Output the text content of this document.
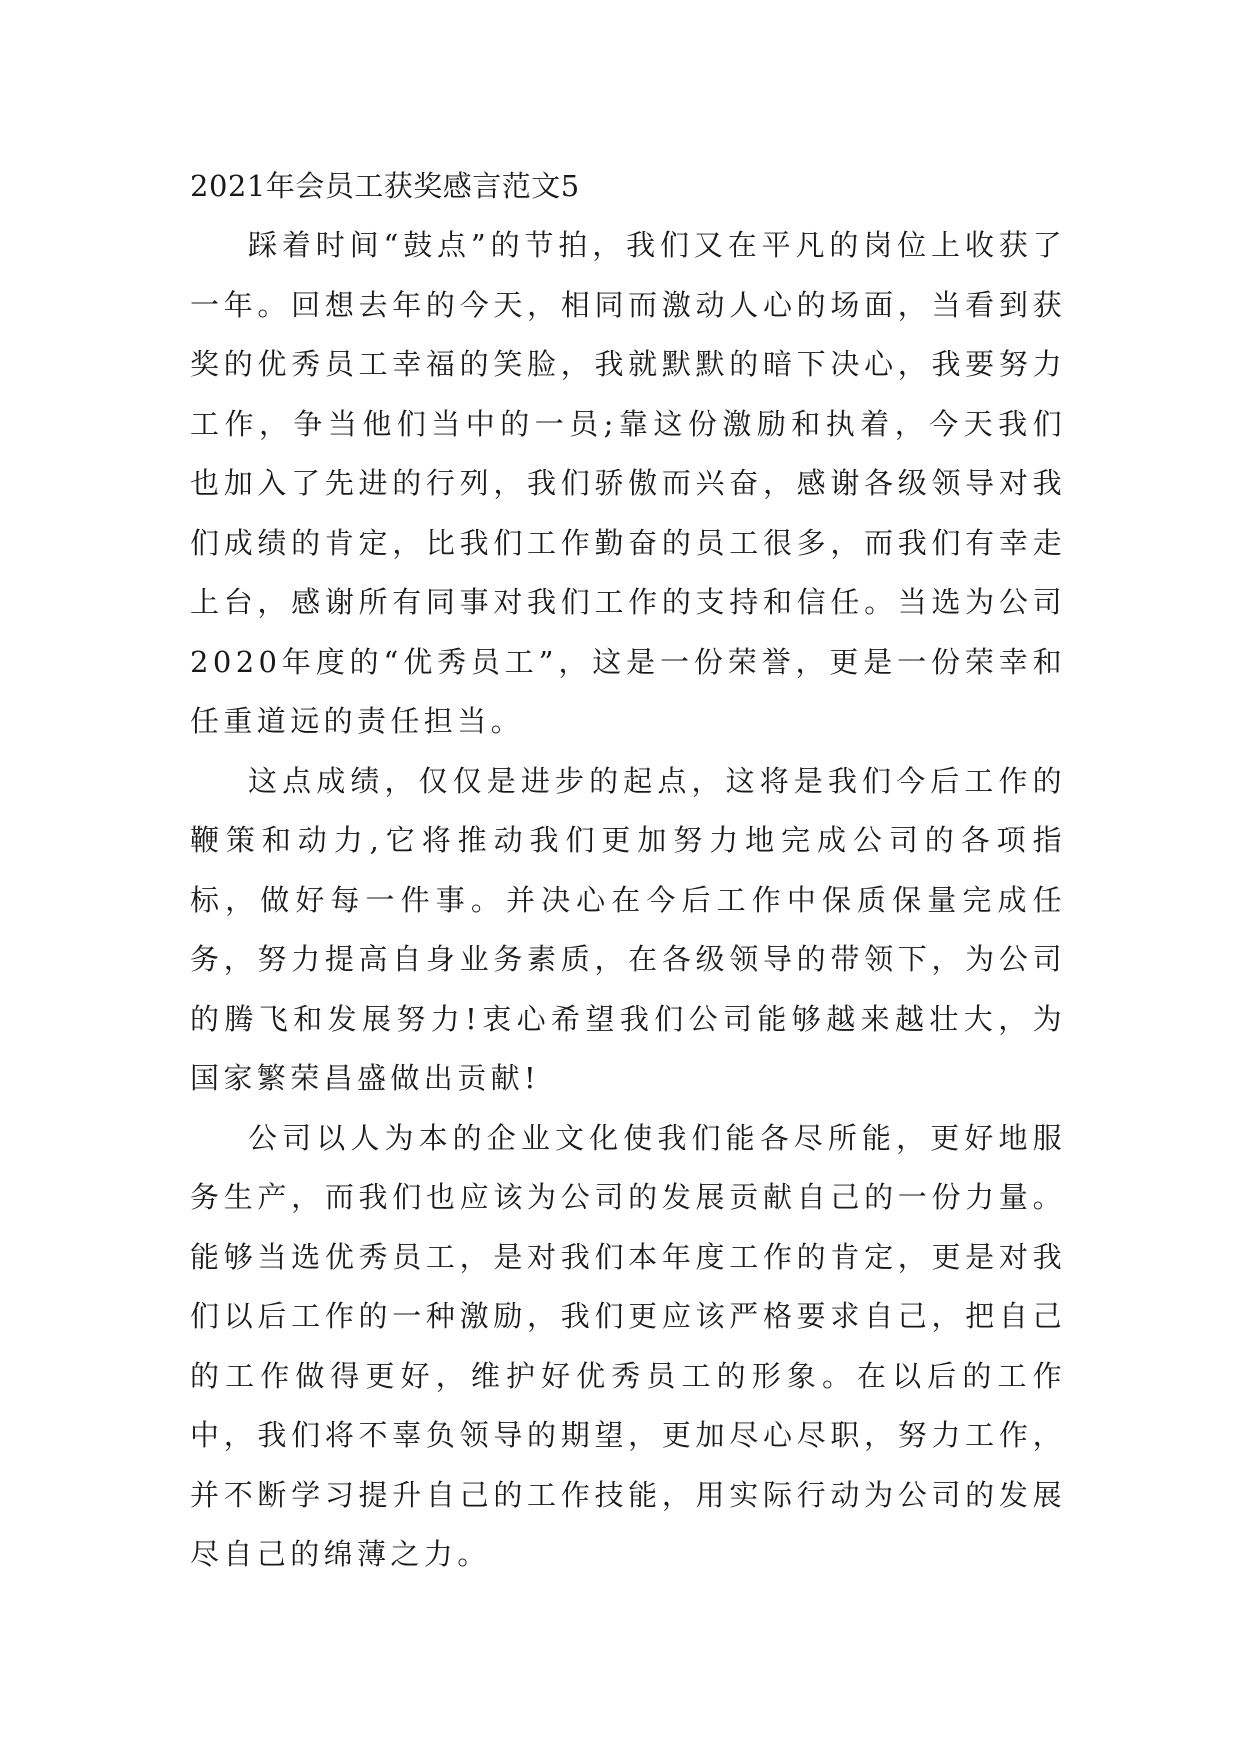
2021年会员工获奖感言范文5

踩着时间“鼓点”的节拍，我们又在平凡的岗位上收获了一年。回想去年的今天，相同而激动人心的场面，当看到获奖的优秀员工幸福的笑脸，我就默默的暗下决心，我要努力工作，争当他们当中的一员;靠这份激励和执着，今天我们也加入了先进的行列，我们骄傲而兴奋，感谢各级领导对我们成绩的肯定，比我们工作勤奋的员工很多，而我们有幸走上台，感谢所有同事对我们工作的支持和信任。当选为公司2020年度的“优秀员工”，这是一份荣誉，更是一份荣幸和任重道远的责任担当。

这点成绩，仅仅是进步的起点，这将是我们今后工作的鞭策和动力,它将推动我们更加努力地完成公司的各项指标，做好每一件事。并决心在今后工作中保质保量完成任务，努力提高自身业务素质，在各级领导的带领下，为公司的腾飞和发展努力!衷心希望我们公司能够越来越壮大，为国家繁荣昌盛做出贡献!

公司以人为本的企业文化使我们能各尽所能，更好地服务生产，而我们也应该为公司的发展贡献自己的一份力量。能够当选优秀员工，是对我们本年度工作的肯定，更是对我们以后工作的一种激励，我们更应该严格要求自己，把自己的工作做得更好，维护好优秀员工的形象。在以后的工作中，我们将不辜负领导的期望，更加尽心尽职，努力工作，并不断学习提升自己的工作技能，用实际行动为公司的发展尽自己的绵薄之力。
